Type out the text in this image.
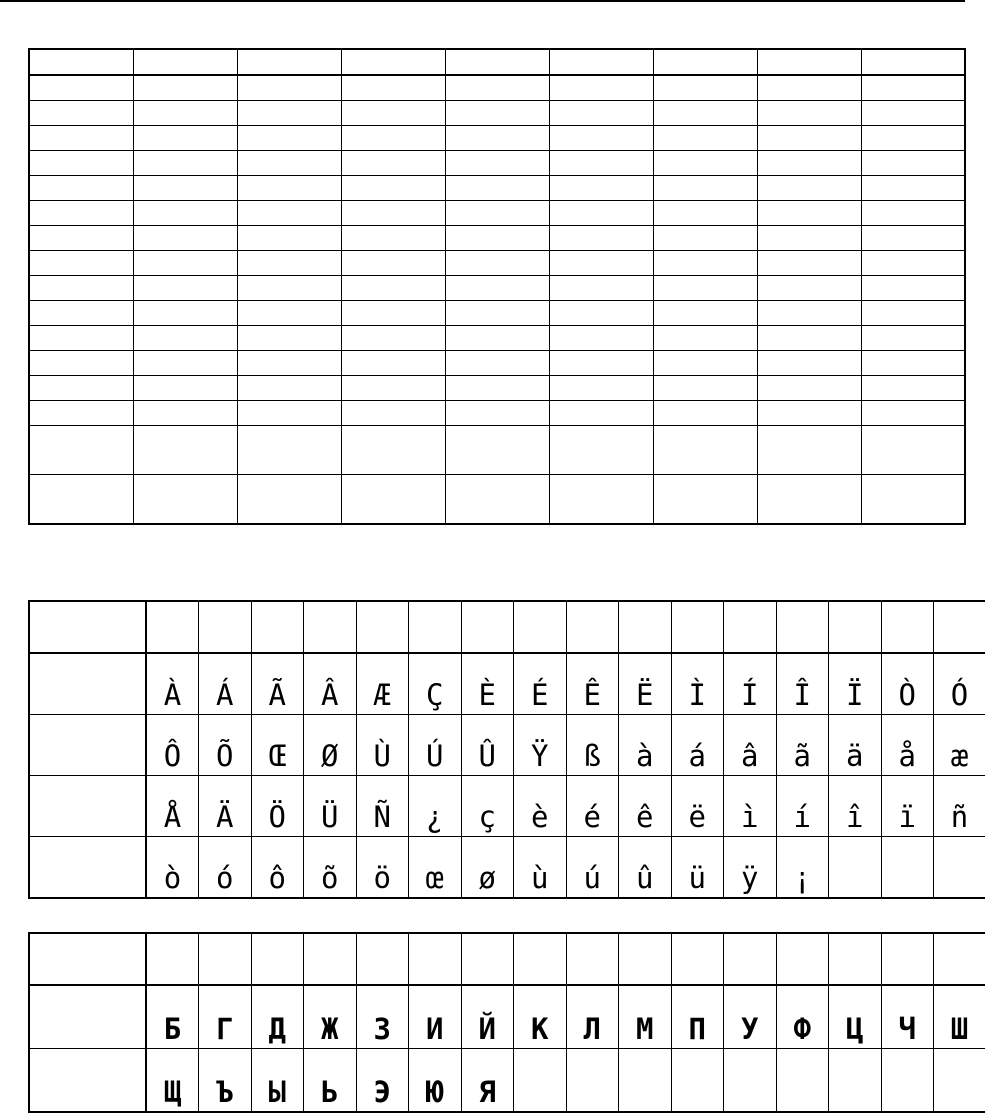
	À	Á	Ã	Â	Æ	Ç	È	É	Ê	Ë	Ì	Í	Î	Ï	Ò	Ó
	Ô	Õ	Œ	Ø	Ù	Ú	Û	Ÿ	ß	à	á	â	ã	ä	å	æ
	Å	Ä	Ö	Ü	Ñ	¿	ç	è	é	ê	ë	ì	í	î	ï	ñ
	ò	ó	ô	õ	ö	œ	ø	ù	ú	û	ü	ÿ	¡			

	Б	Г	Д	Ж	З	И	Й	К	Л	М	П	У	Ф	Ц	Ч	Ш
	Щ	Ъ	Ы	Ь	Э	Ю	Я									
